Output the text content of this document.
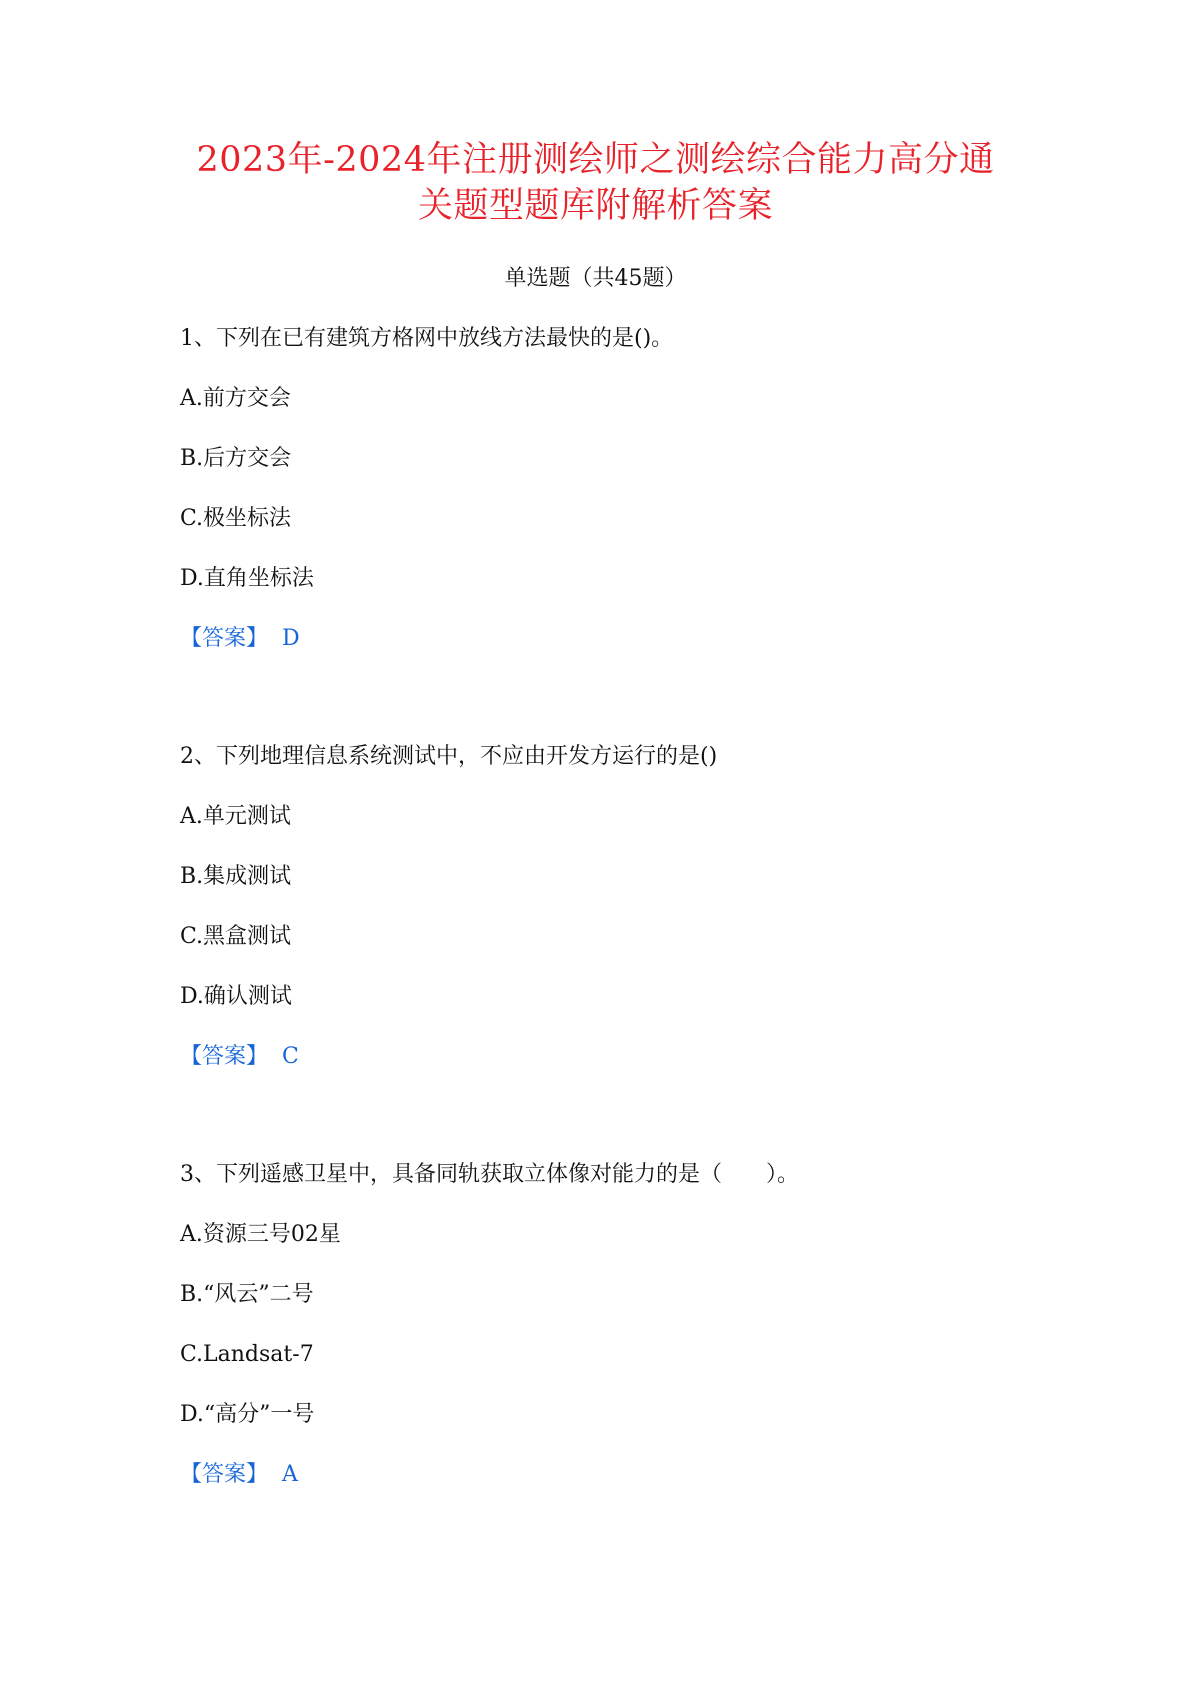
2023年-2024年注册测绘师之测绘综合能力高分通
关题型题库附解析答案
单选题（共45题）
1、下列在已有建筑方格网中放线方法最快的是()。
A.前方交会
B.后方交会
C.极坐标法
D.直角坐标法
【答案】 D
2、下列地理信息系统测试中，不应由开发方运行的是()
A.单元测试
B.集成测试
C.黑盒测试
D.确认测试
【答案】 C
3、下列遥感卫星中，具备同轨获取立体像对能力的是（　　）。
A.资源三号02星
B.“风云”二号
C.Landsat-7
D.“高分”一号
【答案】 A
